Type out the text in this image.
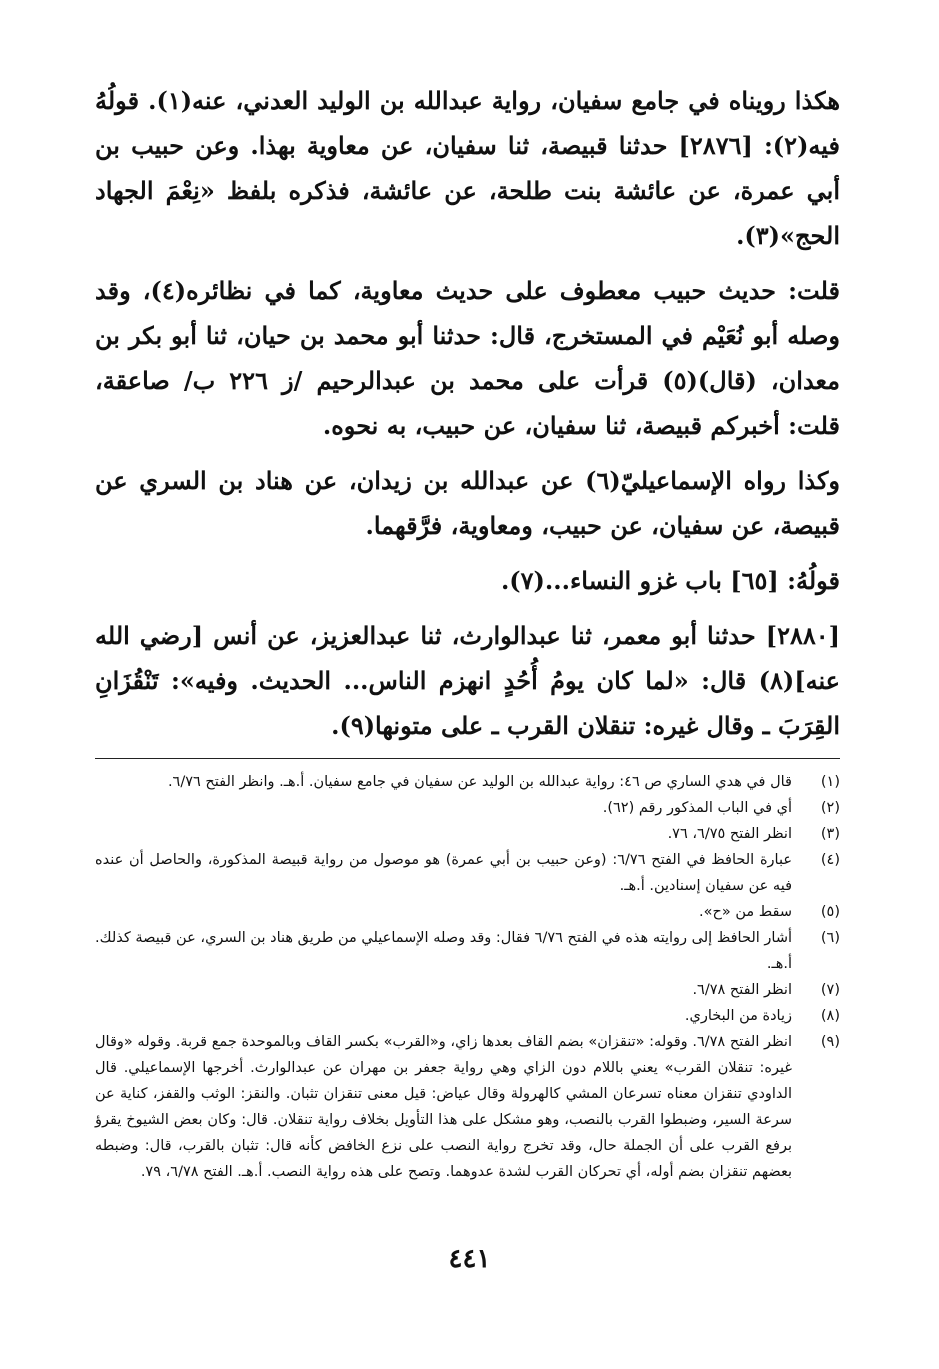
هكذا رويناه في جامع سفيان، رواية عبدالله بن الوليد العدني، عنه(١). قولُهُ فيه(٢): [٢٨٧٦] حدثنا قبيصة، ثنا سفيان، عن معاوية بهذا. وعن حبيب بن أبي عمرة، عن عائشة بنت طلحة، عن عائشة، فذكره بلفظ «نِعْمَ الجهاد الحج»(٣).

قلت: حديث حبيب معطوف على حديث معاوية، كما في نظائره(٤)، وقد وصله أبو نُعَيْم في المستخرج، قال: حدثنا أبو محمد بن حيان، ثنا أبو بكر بن معدان، (قال)(٥) قرأت على محمد بن عبدالرحيم /ز ٢٢٦ ب/ صاعقة، قلت: أخبركم قبيصة، ثنا سفيان، عن حبيب، به نحوه.

وكذا رواه الإسماعيليّ(٦) عن عبدالله بن زيدان، عن هناد بن السري عن قبيصة، عن سفيان، عن حبيب، ومعاوية، فرَّقهما.

قولُهُ: [٦٥] باب غزو النساء...(٧).

[٢٨٨٠] حدثنا أبو معمر، ثنا عبدالوارث، ثنا عبدالعزيز، عن أنس [رضي الله عنه](٨) قال: «لما كان يومُ أُحُدٍ انهزم الناس... الحديث. وفيه»: تَنْقُزَانِ القِرَبَ ـ وقال غيره: تنقلان القرب ـ على متونها(٩).

(١)
قال في هدي الساري ص ٤٦: رواية عبدالله بن الوليد عن سفيان في جامع سفيان. أ.هـ. وانظر الفتح ٦/٧٦.
(٢)
أي في الباب المذكور رقم (٦٢).
(٣)
انظر الفتح ٦/٧٥، ٧٦.
(٤)
عبارة الحافظ في الفتح ٦/٧٦: (وعن حبيب بن أبي عمرة) هو موصول من رواية قبيصة المذكورة، والحاصل أن عنده فيه عن سفيان إسنادين. أ.هـ.
(٥)
سقط من «ح».
(٦)
أشار الحافظ إلى روايته هذه في الفتح ٦/٧٦ فقال: وقد وصله الإسماعيلي من طريق هناد بن السري، عن قبيصة كذلك. أ.هـ.
(٧)
انظر الفتح ٦/٧٨.
(٨)
زيادة من البخاري.
(٩)
انظر الفتح ٦/٧٨. وقوله: «تنقزان» بضم القاف بعدها زاي، و«القرب» بكسر القاف وبالموحدة جمع قربة. وقوله «وقال غيره: تنقلان القرب» يعني باللام دون الزاي وهي رواية جعفر بن مهران عن عبدالوارث. أخرجها الإسماعيلي. قال الداودي تنقزان معناه تسرعان المشي كالهرولة وقال عياض: قيل معنى تنقزان تثبان. والنقز: الوثب والقفز، كناية عن سرعة السير، وضبطوا القرب بالنصب، وهو مشكل على هذا التأويل بخلاف رواية تنقلان. قال: وكان بعض الشيوخ يقرؤ برفع القرب على أن الجملة حال، وقد تخرج رواية النصب على نزع الخافض كأنه قال: تثبان بالقرب، قال: وضبطه بعضهم تنقزان بضم أوله، أي تحركان القرب لشدة عدوهما. وتصح على هذه رواية النصب. أ.هـ. الفتح ٦/٧٨، ٧٩.
٤٤١
